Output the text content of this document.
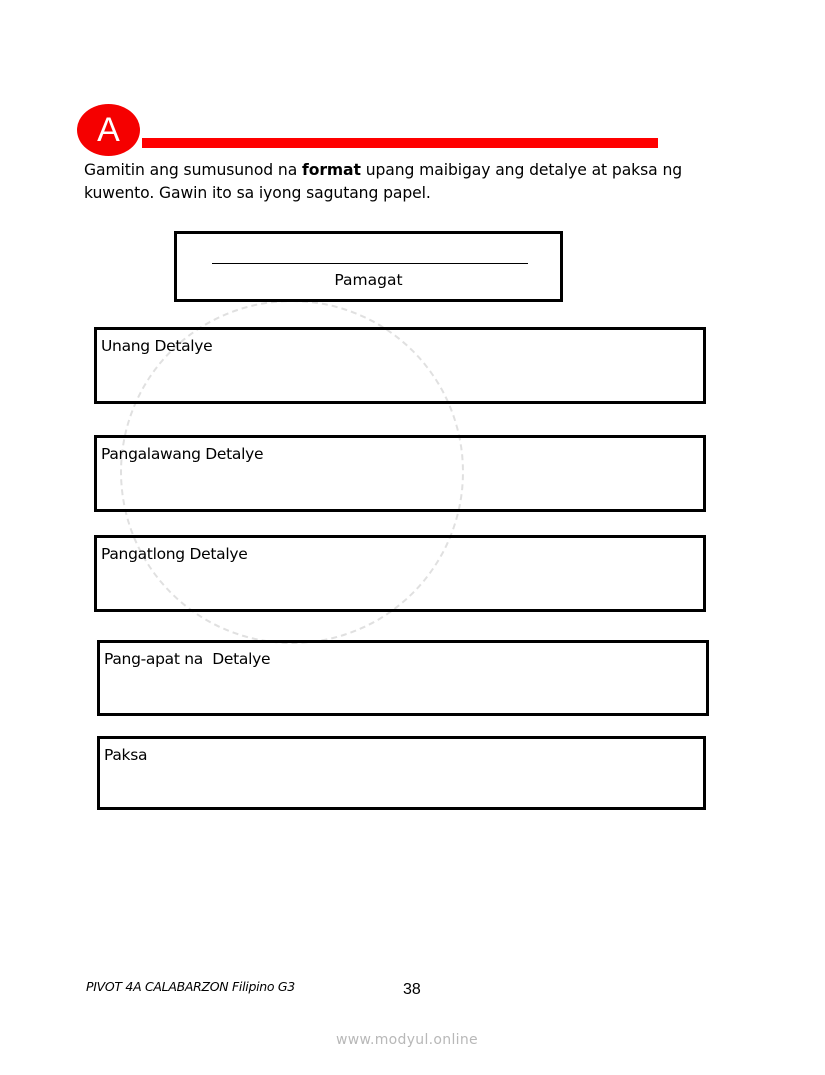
A
Gamitin ang sumusunod na format upang maibigay ang detalye at paksa ng kuwento. Gawin ito sa iyong sagutang papel.
Pamagat
Unang Detalye
Pangalawang Detalye
Pangatlong Detalye
Pang-apat na  Detalye
Paksa
PIVOT 4A CALABARZON Filipino G3	38
www.modyul.online
